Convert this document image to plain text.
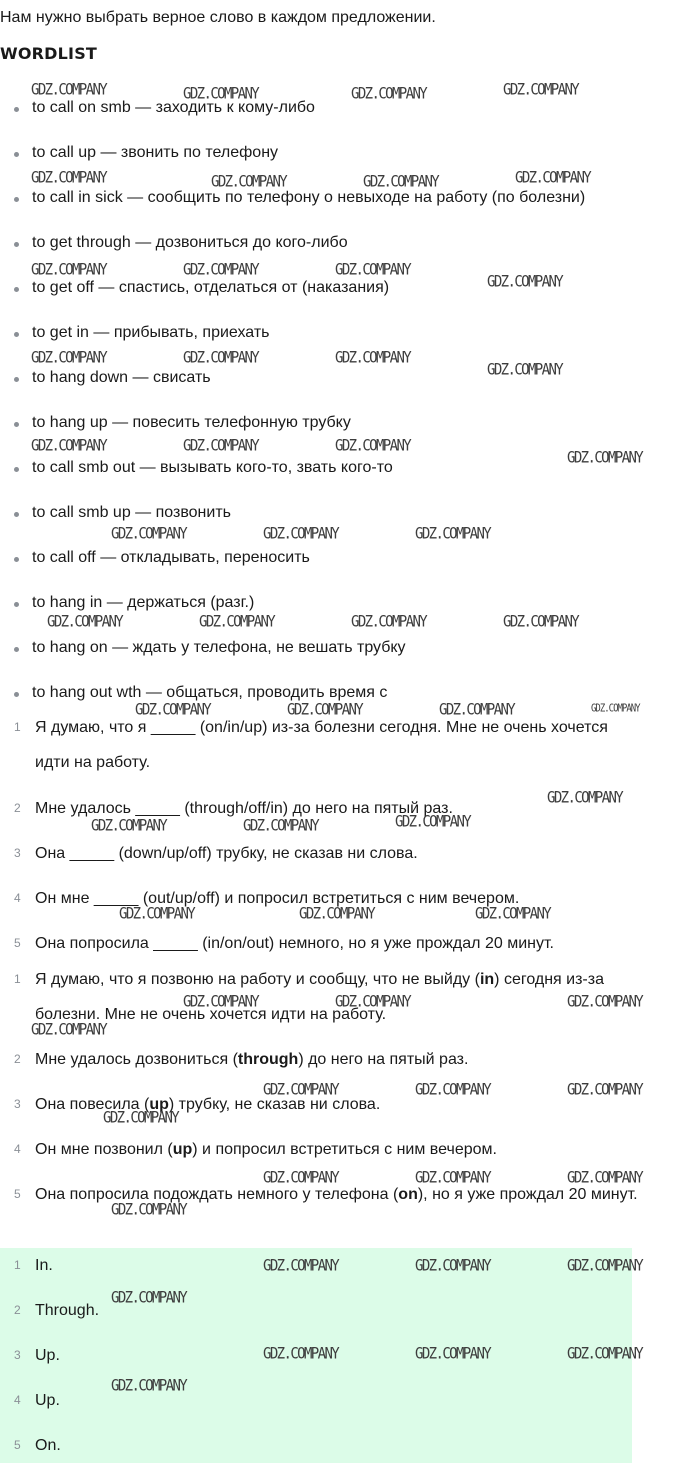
Нам нужно выбрать верное слово в каждом предложении.
WORDLIST
to call on smb — заходить к кому-либо
to call up — звонить по телефону
to call in sick — сообщить по телефону о невыходе на работу (по болезни)
to get through — дозвониться до кого-либо
to get off — спастись, отделаться от (наказания)
to get in — прибывать, приехать
to hang down — свисать
to hang up — повесить телефонную трубку
to call smb out — вызывать кого-то, звать кого-то
to call smb up — позвонить
to call off — откладывать, переносить
to hang in — держаться (разг.)
to hang on — ждать у телефона, не вешать трубку
to hang out wth — общаться, проводить время с
1 Я думаю, что я _____ (on/in/up) из-за болезни сегодня. Мне не очень хочется идти на работу.
2 Мне удалось _____ (through/off/in) до него на пятый раз.
3 Она _____ (down/up/off) трубку, не сказав ни слова.
4 Он мне _____ (out/up/off) и попросил встретиться с ним вечером.
5 Она попросила _____ (in/on/out) немного, но я уже прождал 20 минут.
1 Я думаю, что я позвоню на работу и сообщу, что не выйду (in) сегодня из-за болезни. Мне не очень хочется идти на работу.
2 Мне удалось дозвониться (through) до него на пятый раз.
3 Она повесила (up) трубку, не сказав ни слова.
4 Он мне позвонил (up) и попросил встретиться с ним вечером.
5 Она попросила подождать немного у телефона (on), но я уже прождал 20 минут.
1 In.
2 Through.
3 Up.
4 Up.
5 On.
GDZ.COMPANY	GDZ.COMPANY	GDZ.COMPANY	GDZ.COMPANY
GDZ.COMPANY	GDZ.COMPANY	GDZ.COMPANY	GDZ.COMPANY
GDZ.COMPANY	GDZ.COMPANY	GDZ.COMPANY
GDZ.COMPANY
GDZ.COMPANY	GDZ.COMPANY	GDZ.COMPANY
GDZ.COMPANY
GDZ.COMPANY	GDZ.COMPANY	GDZ.COMPANY
GDZ.COMPANY
GDZ.COMPANY	GDZ.COMPANY	GDZ.COMPANY
GDZ.COMPANY	GDZ.COMPANY	GDZ.COMPANY	GDZ.COMPANY
GDZ.COMPANY	GDZ.COMPANY	GDZ.COMPANY	GDZ.COMPANY
GDZ.COMPANY
GDZ.COMPANY	GDZ.COMPANY	GDZ.COMPANY
GDZ.COMPANY	GDZ.COMPANY	GDZ.COMPANY
GDZ.COMPANY	GDZ.COMPANY	GDZ.COMPANY
GDZ.COMPANY
GDZ.COMPANY	GDZ.COMPANY	GDZ.COMPANY
GDZ.COMPANY
GDZ.COMPANY	GDZ.COMPANY	GDZ.COMPANY
GDZ.COMPANY
GDZ.COMPANY	GDZ.COMPANY	GDZ.COMPANY
GDZ.COMPANY
GDZ.COMPANY	GDZ.COMPANY	GDZ.COMPANY
GDZ.COMPANY
